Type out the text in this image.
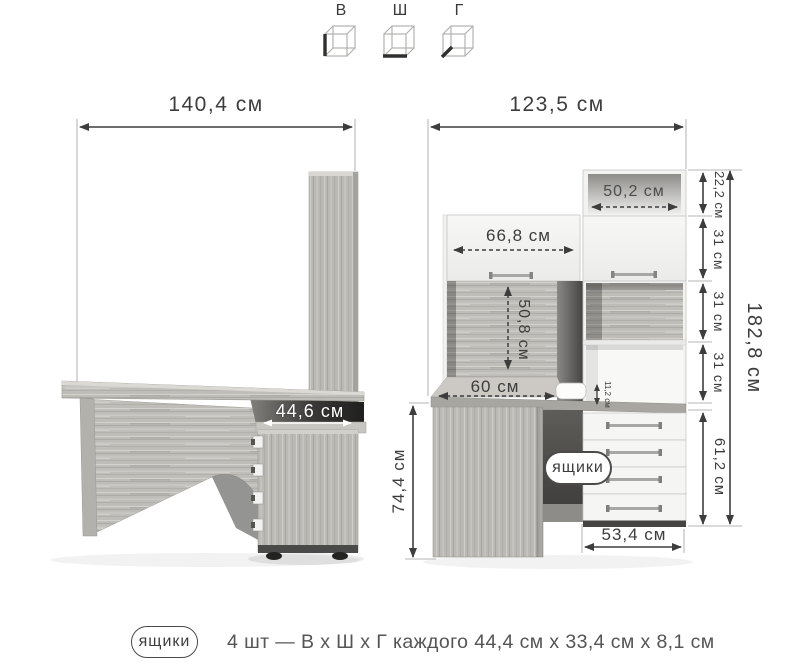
В	Ш	Г
140,4 см
44,6 см
123,5 см
50,2 см
66,8 см
50,8 см
60 см	11,2 см
74,4 см
53,4 см
22,2 см
31 см
31 см
31 см
61,2 см
182,8 см
ящики
ящики	4 шт — В х Ш х Г каждого 44,4 см х 33,4 см х 8,1 см
